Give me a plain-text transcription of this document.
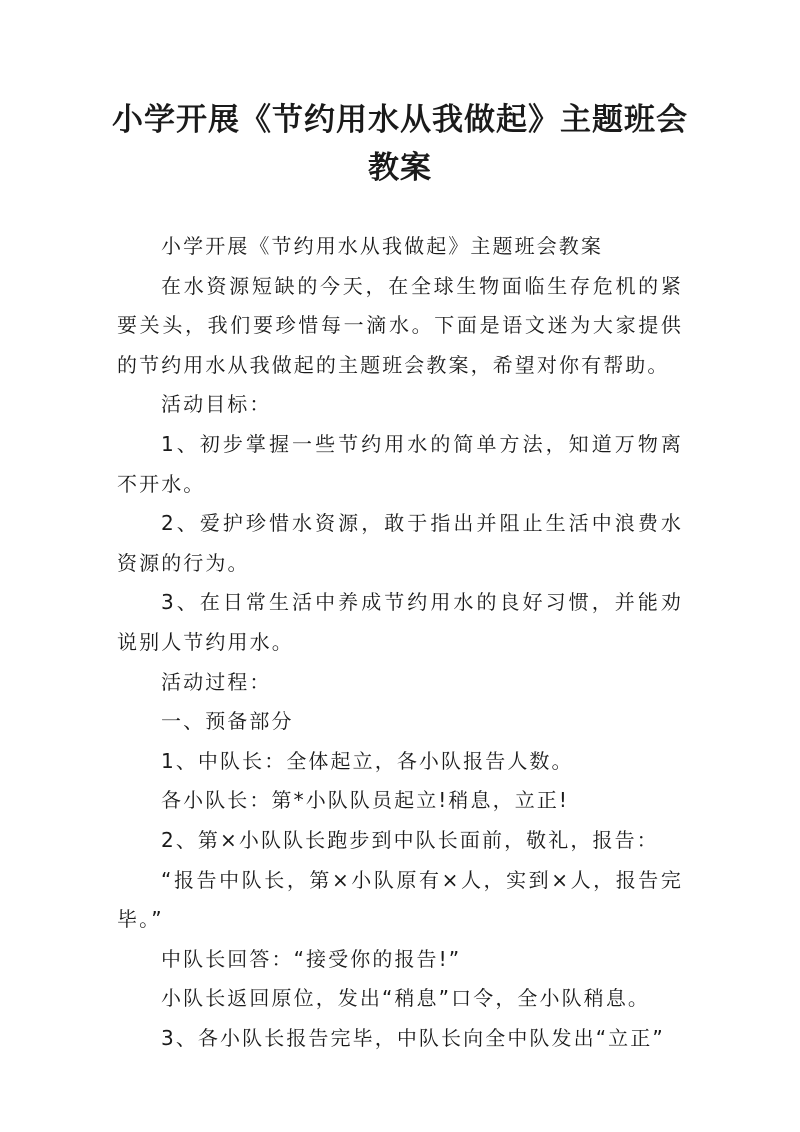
小学开展《节约用水从我做起》主题班会教案

小学开展《节约用水从我做起》主题班会教案

在水资源短缺的今天，在全球生物面临生存危机的紧要关头，我们要珍惜每一滴水。下面是语文迷为大家提供的节约用水从我做起的主题班会教案，希望对你有帮助。

活动目标：

1、初步掌握一些节约用水的简单方法，知道万物离不开水。

2、爱护珍惜水资源，敢于指出并阻止生活中浪费水资源的行为。

3、在日常生活中养成节约用水的良好习惯，并能劝说别人节约用水。

活动过程：

一、预备部分

1、中队长：全体起立，各小队报告人数。

各小队长：第*小队队员起立!稍息，立正!

2、第×小队队长跑步到中队长面前，敬礼，报告：

“报告中队长，第×小队原有×人，实到×人，报告完毕。”

中队长回答：“接受你的报告!”

小队长返回原位，发出“稍息”口令，全小队稍息。

3、各小队长报告完毕，中队长向全中队发出“立正”
